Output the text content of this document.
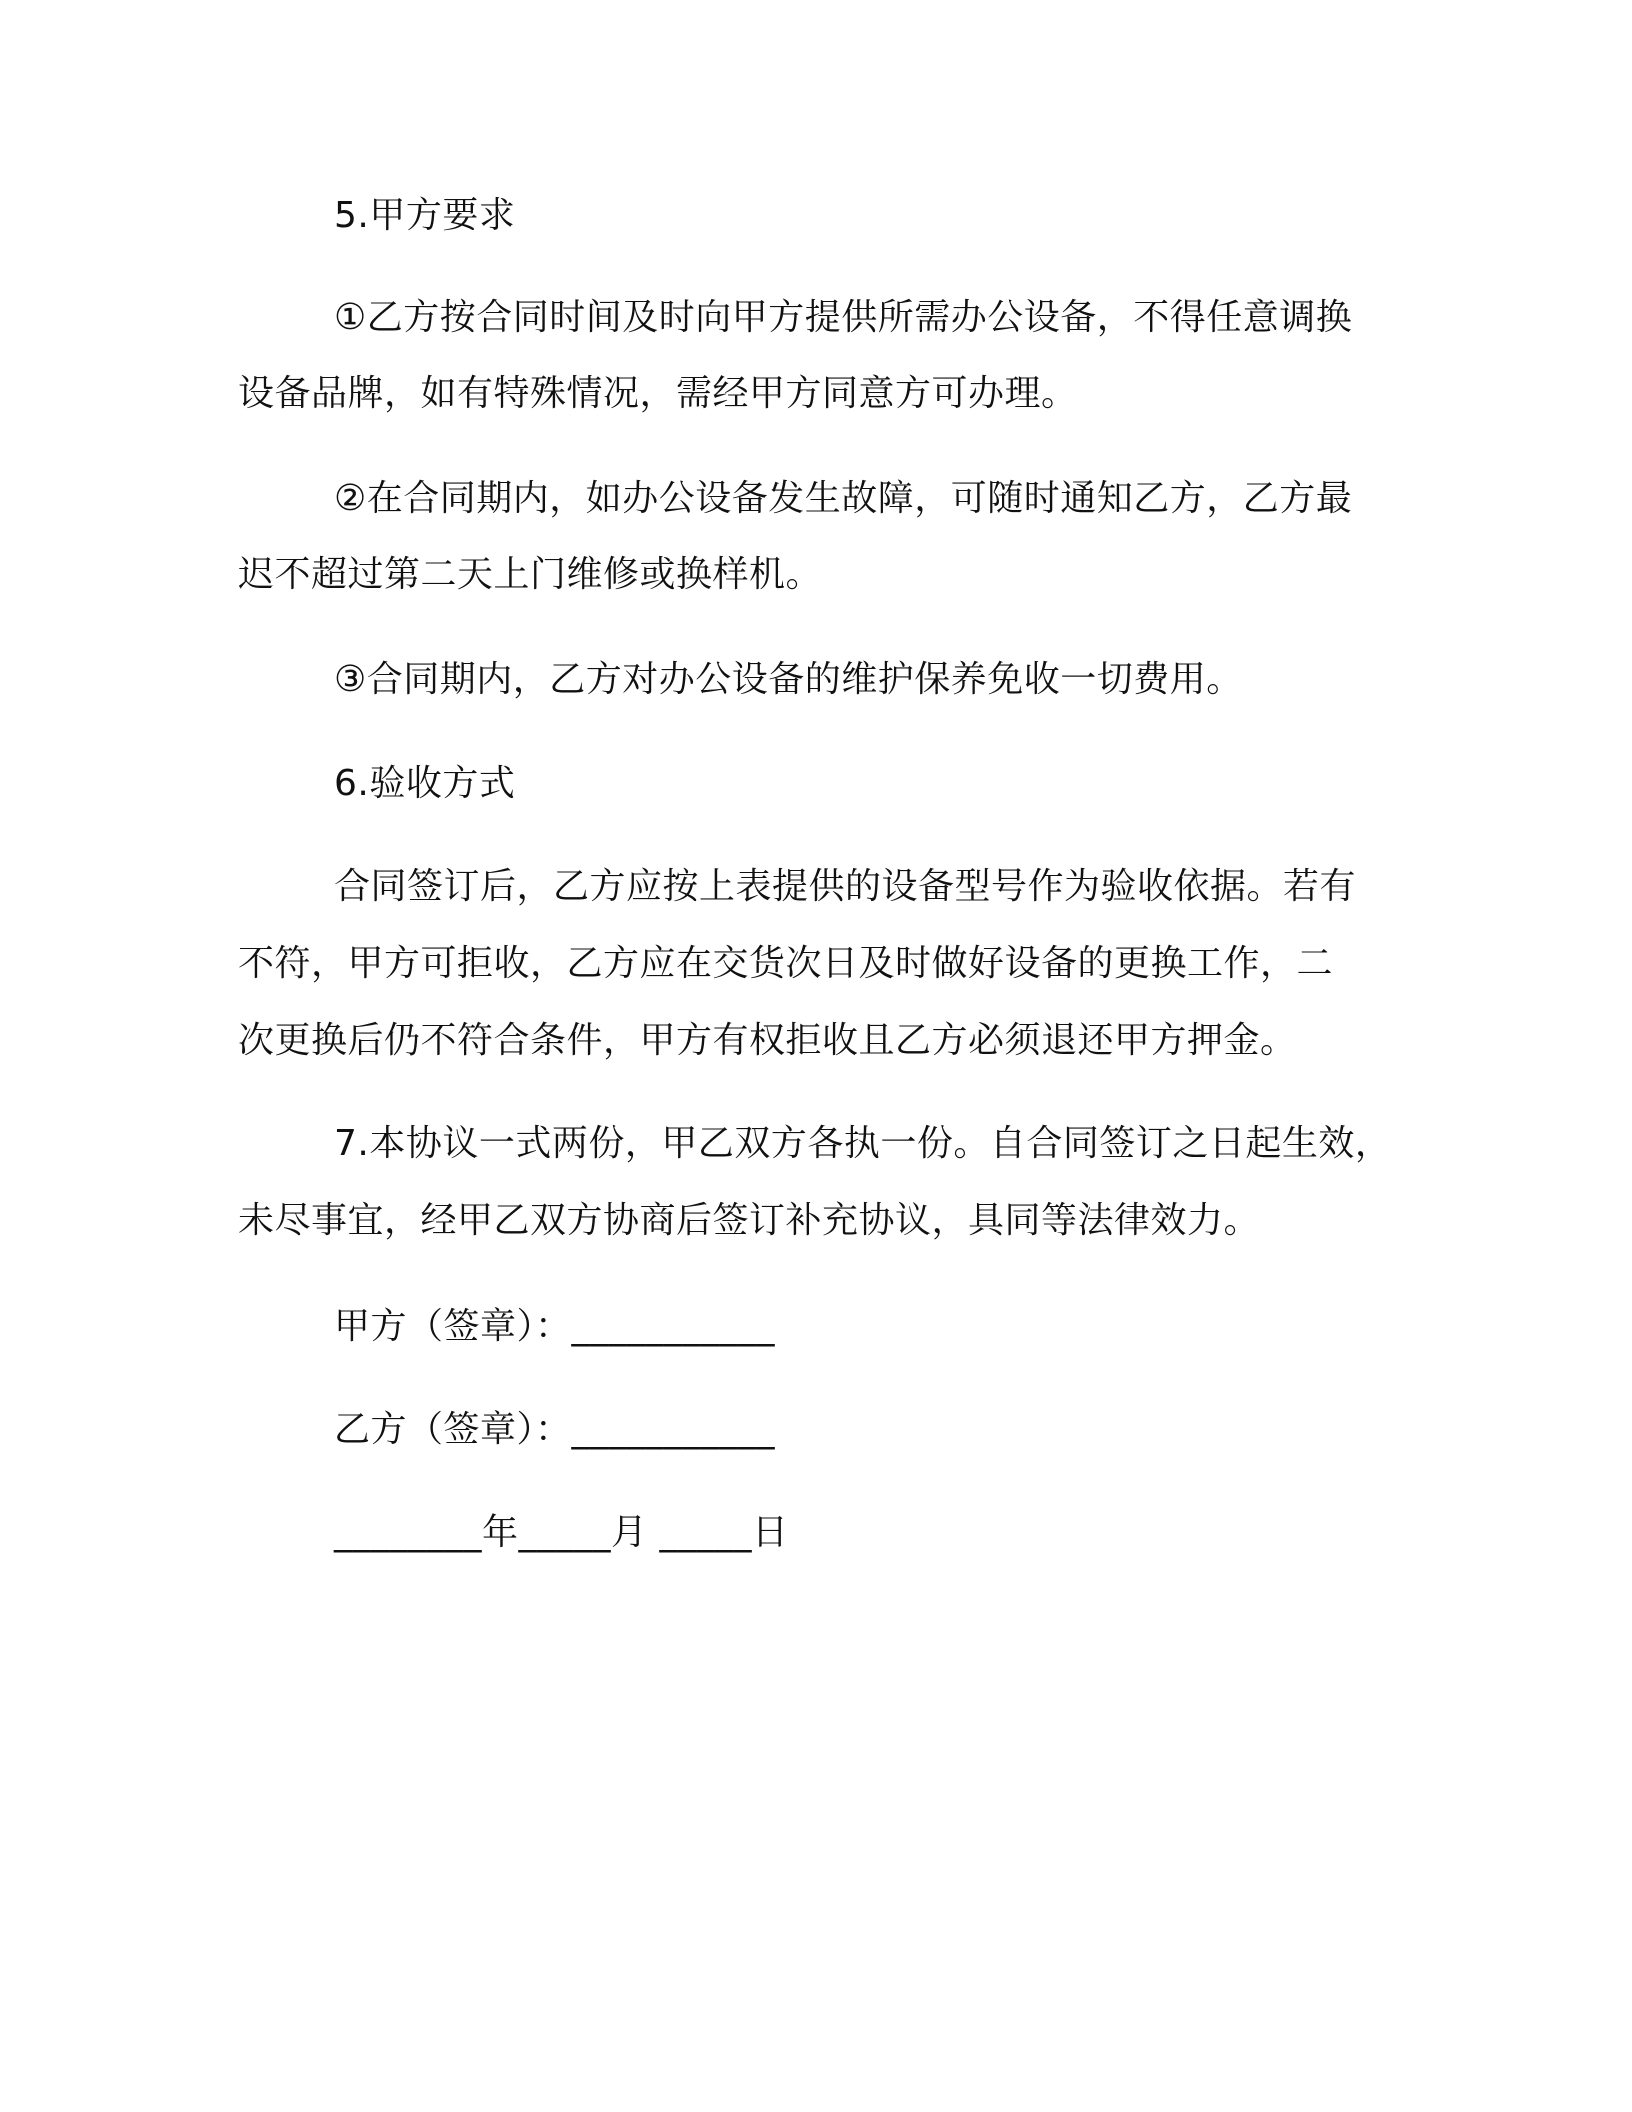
5.甲方要求
①乙方按合同时间及时向甲方提供所需办公设备，不得任意调换
设备品牌，如有特殊情况，需经甲方同意方可办理。
②在合同期内，如办公设备发生故障，可随时通知乙方，乙方最
迟不超过第二天上门维修或换样机。
③合同期内，乙方对办公设备的维护保养免收一切费用。
6.验收方式
合同签订后，乙方应按上表提供的设备型号作为验收依据。若有
不符，甲方可拒收，乙方应在交货次日及时做好设备的更换工作，二
次更换后仍不符合条件，甲方有权拒收且乙方必须退还甲方押金。
7.本协议一式两份，甲乙双方各执一份。自合同签订之日起生效，
未尽事宜，经甲乙双方协商后签订补充协议，具同等法律效力。
甲方（签章）：___________
乙方（签章）：___________
________年_____月 _____日
